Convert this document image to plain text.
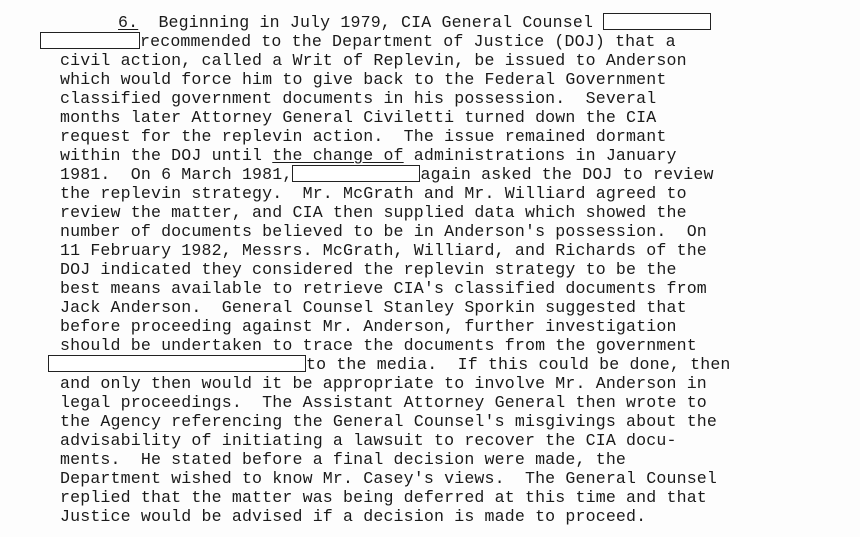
6. Beginning in July 1979, CIA General Counsel
recommended to the Department of Justice (DOJ) that a
civil action, called a Writ of Replevin, be issued to Anderson
which would force him to give back to the Federal Government
classified government documents in his possession.  Several
months later Attorney General Civiletti turned down the CIA
request for the replevin action.  The issue remained dormant
within the DOJ until the change of administrations in January
1981.  On 6 March 1981,	again asked the DOJ to review
the replevin strategy.  Mr. McGrath and Mr. Williard agreed to
review the matter, and CIA then supplied data which showed the
number of documents believed to be in Anderson's possession.  On
11 February 1982, Messrs. McGrath, Williard, and Richards of the
DOJ indicated they considered the replevin strategy to be the
best means available to retrieve CIA's classified documents from
Jack Anderson.  General Counsel Stanley Sporkin suggested that
before proceeding against Mr. Anderson, further investigation
should be undertaken to trace the documents from the government
to the media.  If this could be done, then
and only then would it be appropriate to involve Mr. Anderson in
legal proceedings.  The Assistant Attorney General then wrote to
the Agency referencing the General Counsel's misgivings about the
advisability of initiating a lawsuit to recover the CIA docu-
ments.  He stated before a final decision were made, the
Department wished to know Mr. Casey's views.  The General Counsel
replied that the matter was being deferred at this time and that
Justice would be advised if a decision is made to proceed.
